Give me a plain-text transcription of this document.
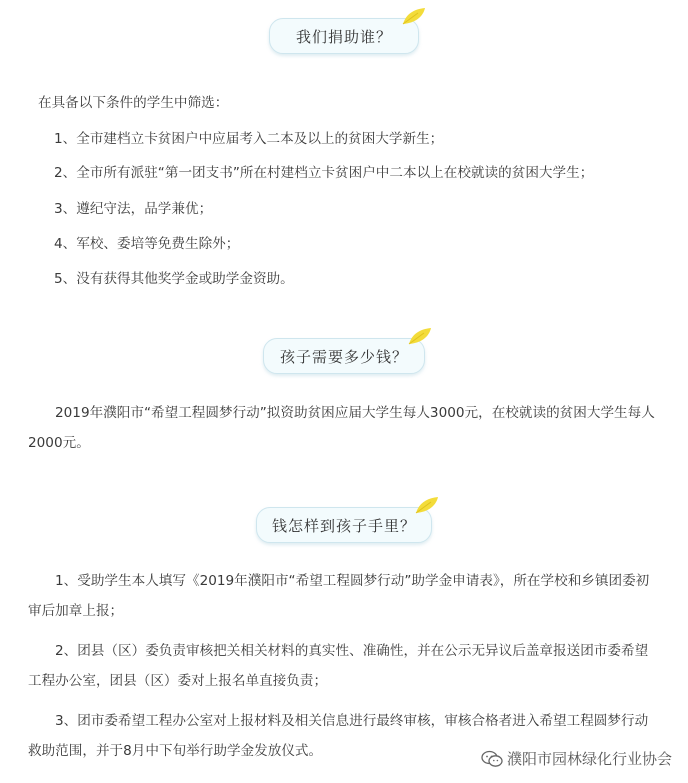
我们捐助谁？
在具备以下条件的学生中筛选：
1、全市建档立卡贫困户中应届考入二本及以上的贫困大学新生；
2、全市所有派驻“第一团支书”所在村建档立卡贫困户中二本以上在校就读的贫困大学生；
3、遵纪守法，品学兼优；
4、军校、委培等免费生除外；
5、没有获得其他奖学金或助学金资助。
孩子需要多少钱？
2019年濮阳市“希望工程圆梦行动”拟资助贫困应届大学生每人3000元，在校就读的贫困大学生每人2000元。
钱怎样到孩子手里？
1、受助学生本人填写《2019年濮阳市“希望工程圆梦行动”助学金申请表》，所在学校和乡镇团委初审后加章上报；
2、团县（区）委负责审核把关相关材料的真实性、准确性，并在公示无异议后盖章报送团市委希望工程办公室，团县（区）委对上报名单直接负责；
3、团市委希望工程办公室对上报材料及相关信息进行最终审核，审核合格者进入希望工程圆梦行动救助范围，并于8月中下旬举行助学金发放仪式。	濮阳市园林绿化行业协会
